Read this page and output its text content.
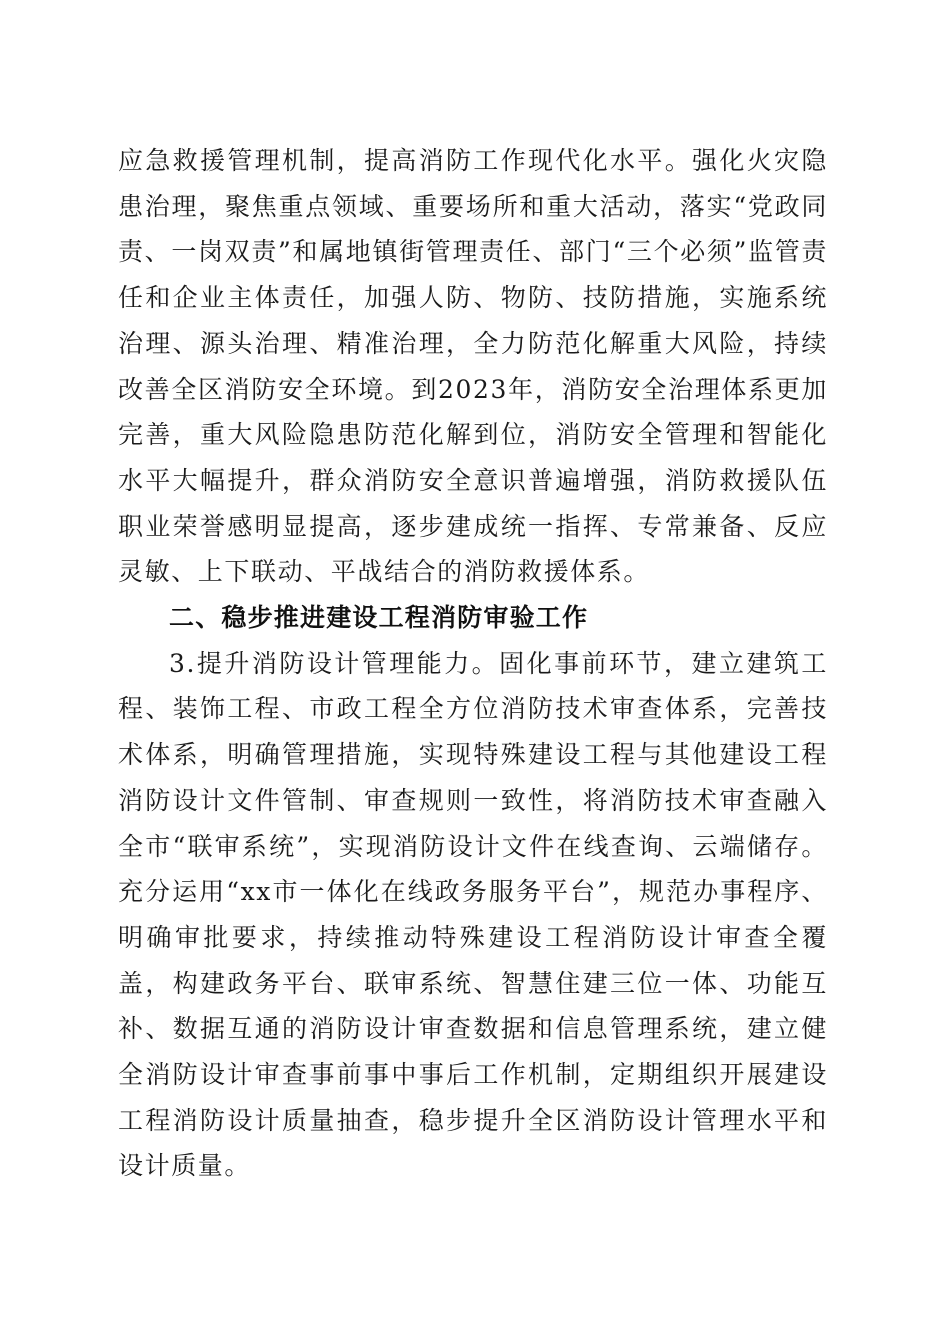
应急救援管理机制，提高消防工作现代化水平。强化火灾隐患治理，聚焦重点领域、重要场所和重大活动，落实“党政同责、一岗双责”和属地镇街管理责任、部门“三个必须”监管责任和企业主体责任，加强人防、物防、技防措施，实施系统治理、源头治理、精准治理，全力防范化解重大风险，持续改善全区消防安全环境。到2023年，消防安全治理体系更加完善，重大风险隐患防范化解到位，消防安全管理和智能化水平大幅提升，群众消防安全意识普遍增强，消防救援队伍职业荣誉感明显提高，逐步建成统一指挥、专常兼备、反应灵敏、上下联动、平战结合的消防救援体系。

二、稳步推进建设工程消防审验工作

3.提升消防设计管理能力。固化事前环节，建立建筑工程、装饰工程、市政工程全方位消防技术审查体系，完善技术体系，明确管理措施，实现特殊建设工程与其他建设工程消防设计文件管制、审查规则一致性，将消防技术审查融入全市“联审系统”，实现消防设计文件在线查询、云端储存。充分运用“xx市一体化在线政务服务平台”，规范办事程序、明确审批要求，持续推动特殊建设工程消防设计审查全覆盖，构建政务平台、联审系统、智慧住建三位一体、功能互补、数据互通的消防设计审查数据和信息管理系统，建立健全消防设计审查事前事中事后工作机制，定期组织开展建设工程消防设计质量抽查，稳步提升全区消防设计管理水平和设计质量。
